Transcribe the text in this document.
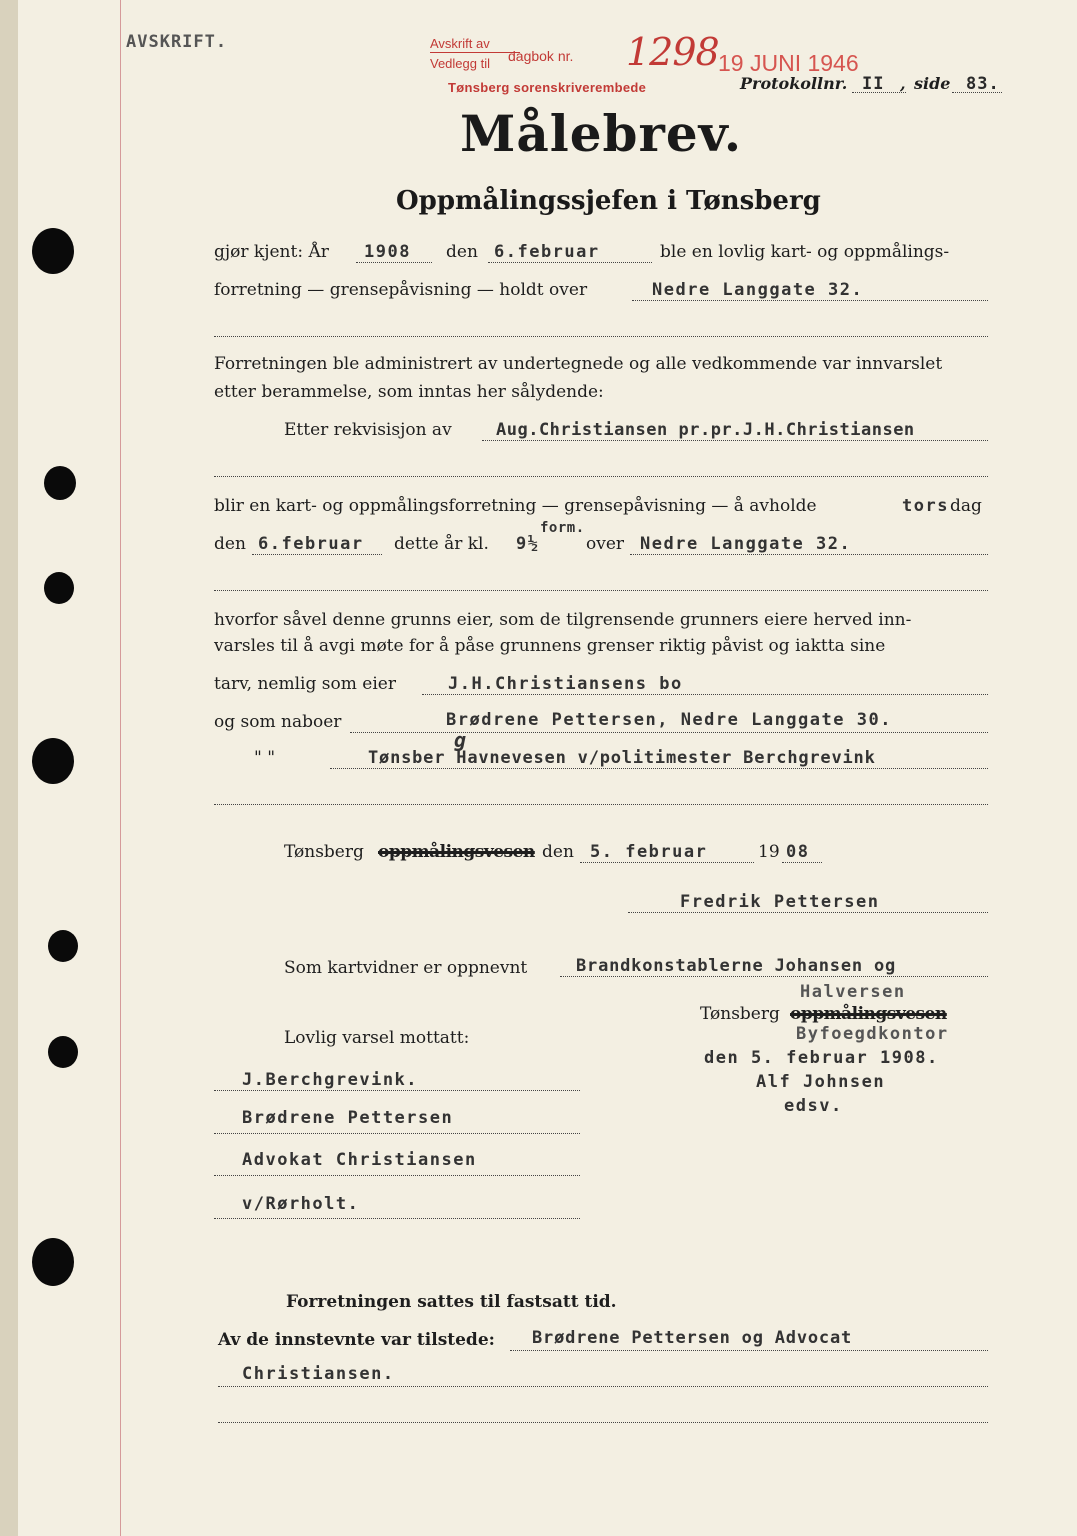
AVSKRIFT.	Avskrift av
Vedlegg til dagbok nr. 1298 19 JUNI 1946
Tønsberg sorenskriverembede	Protokollnr. II , side 83.
Målebrev.
Oppmålingssjefen i Tønsberg
gjør kjent: År 1908 den 6.februar	ble en lovlig kart- og oppmålings-
forretning — grensepåvisning — holdt over	Nedre Langgate 32.
Forretningen ble administrert av undertegnede og alle vedkommende var innvarslet
etter berammelse, som inntas her sålydende:
Etter rekvisisjon av	Aug.Christiansen pr.pr.J.H.Christiansen
blir en kart- og oppmålingsforretning — grensepåvisning — å avholde	tors dag
den 6.februar dette år kl. 9½
form.
over Nedre Langgate 32.
hvorfor såvel denne grunns eier, som de tilgrensende grunners eiere herved inn-
varsles til å avgi møte for å påse grunnens grenser riktig påvist og iaktta sine
tarv, nemlig som eier	J.H.Christiansens bo
og som naboer	Brødrene Pettersen, Nedre Langgate 30.
" "	Tønsber Havnevesen v/politimester Berchgrevink
g
Tønsberg oppmålingsvesen den 5. februar	19 08
Fredrik Pettersen
Som kartvidner er oppnevnt	Brandkonstablerne Johansen og
Halversen
Tønsberg oppmålingsvesen
Byfoegdkontor
den 5. februar 1908.
Alf Johnsen
edsv.
Lovlig varsel mottatt:
J.Berchgrevink.
Brødrene Pettersen
Advokat Christiansen
v/Rørholt.
Forretningen sattes til fastsatt tid.
Av de innstevnte var tilstede: Brødrene Pettersen og Advocat
Christiansen.
